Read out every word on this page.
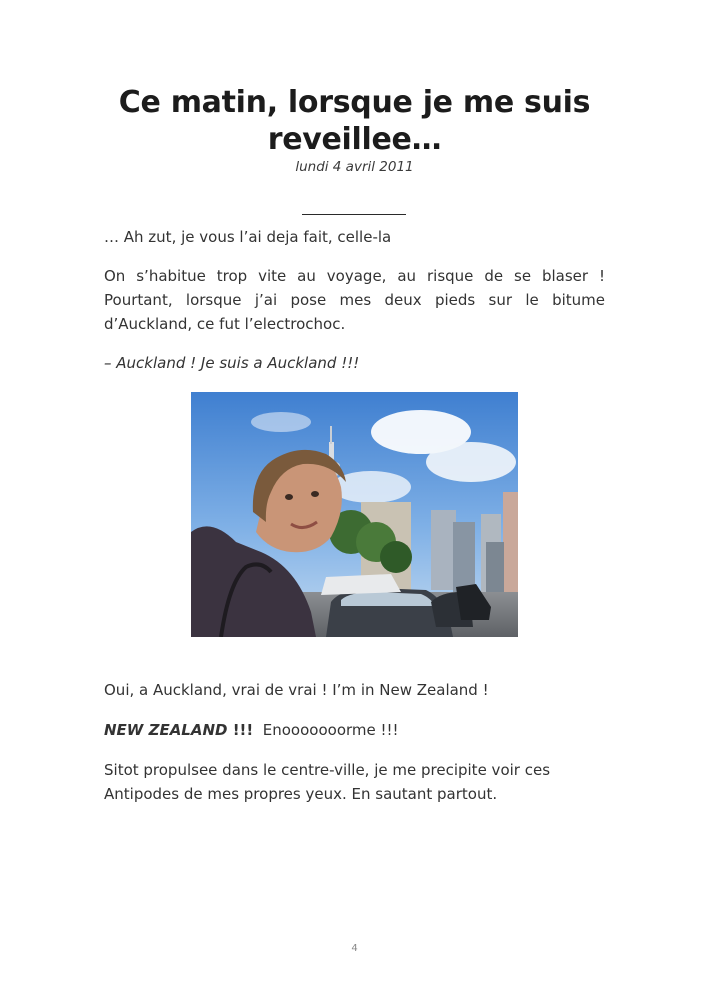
Ce matin, lorsque je me suis reveillee…
lundi 4 avril 2011

… Ah zut, je vous l’ai deja fait, celle-la

On s’habitue trop vite au voyage, au risque de se blaser ! Pourtant, lorsque j’ai pose mes deux pieds sur le bitume d’Auckland, ce fut l’electrochoc.

– Auckland ! Je suis a Auckland !!!

Oui, a Auckland, vrai de vrai ! I’m in New Zealand !

NEW ZEALAND !!!  Enooooooorme !!!

Sitot propulsee dans le centre-ville, je me precipite voir ces Antipodes de mes propres yeux. En sautant partout.

4
